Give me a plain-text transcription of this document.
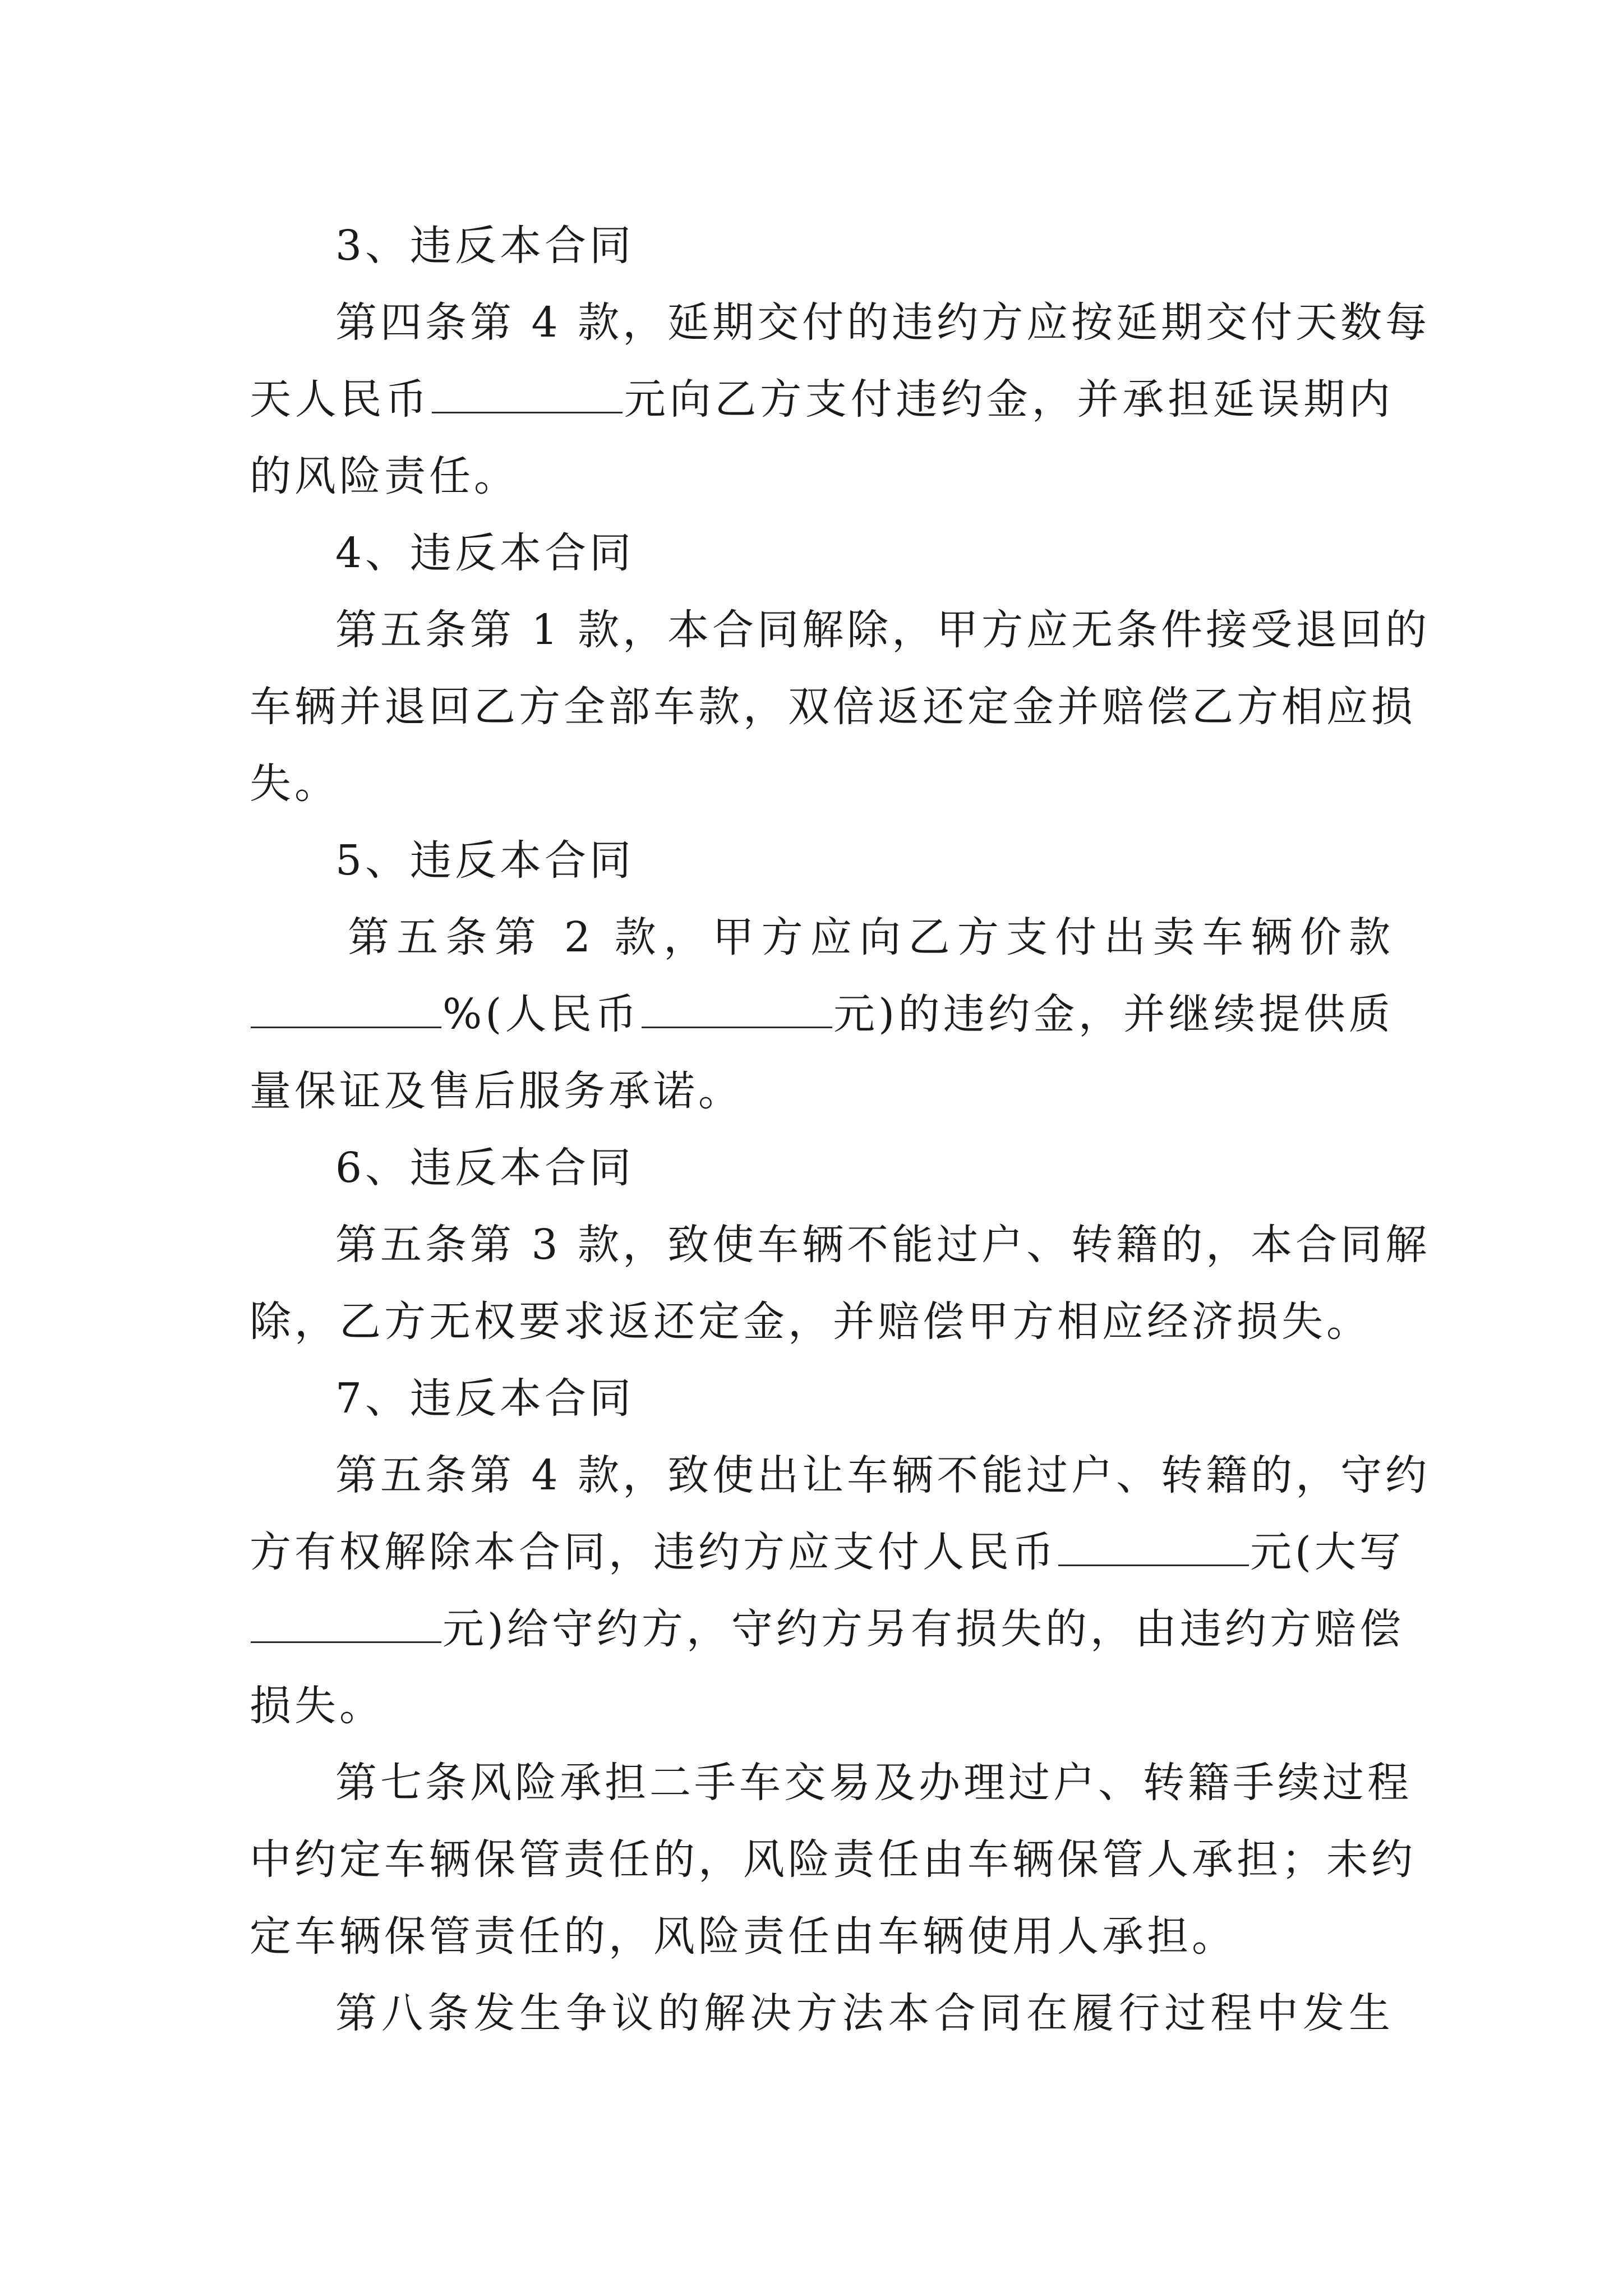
3、违反本合同
第四条第 4 款，延期交付的违约方应按延期交付天数每
天人民币	元向乙方支付违约金，并承担延误期内
的风险责任。
4、违反本合同
第五条第 1 款，本合同解除，甲方应无条件接受退回的
车辆并退回乙方全部车款，双倍返还定金并赔偿乙方相应损
失。
5、违反本合同
第五条第 2 款，甲方应向乙方支付出卖车辆价款
%(人民币	元)的违约金，并继续提供质
量保证及售后服务承诺。
6、违反本合同
第五条第 3 款，致使车辆不能过户、转籍的，本合同解
除，乙方无权要求返还定金，并赔偿甲方相应经济损失。
7、违反本合同
第五条第 4 款，致使出让车辆不能过户、转籍的，守约
方有权解除本合同，违约方应支付人民币	元(大写
元)给守约方，守约方另有损失的，由违约方赔偿
损失。
第七条风险承担二手车交易及办理过户、转籍手续过程
中约定车辆保管责任的，风险责任由车辆保管人承担；未约
定车辆保管责任的，风险责任由车辆使用人承担。
第八条发生争议的解决方法本合同在履行过程中发生
